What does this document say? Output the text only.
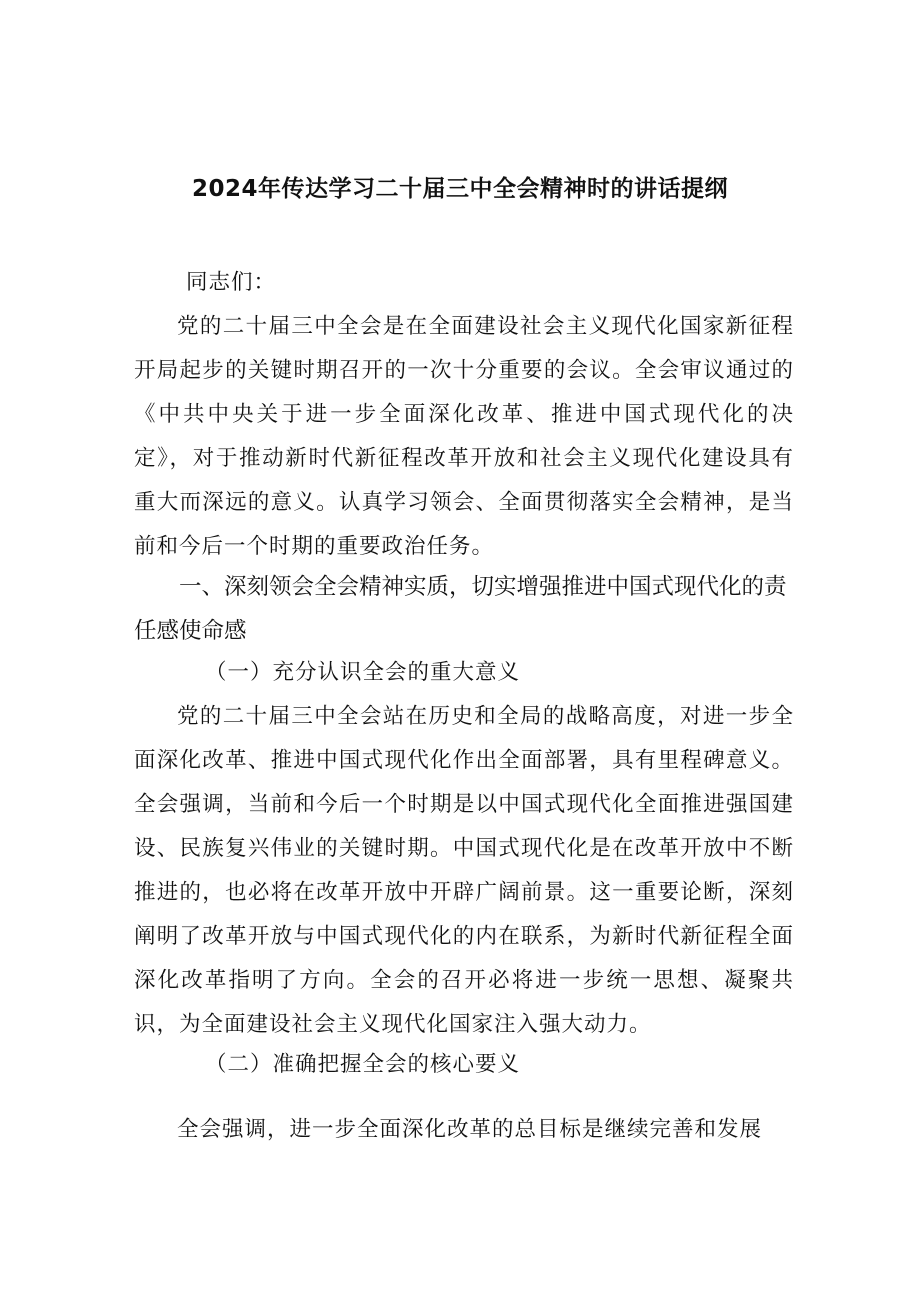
2024年传达学习二十届三中全会精神时的讲话提纲
同志们：

党的二十届三中全会是在全面建设社会主义现代化国家新征程开局起步的关键时期召开的一次十分重要的会议。全会审议通过的《中共中央关于进一步全面深化改革、推进中国式现代化的决定》，对于推动新时代新征程改革开放和社会主义现代化建设具有重大而深远的意义。认真学习领会、全面贯彻落实全会精神，是当前和今后一个时期的重要政治任务。

一、深刻领会全会精神实质，切实增强推进中国式现代化的责任感使命感

（一）充分认识全会的重大意义

党的二十届三中全会站在历史和全局的战略高度，对进一步全面深化改革、推进中国式现代化作出全面部署，具有里程碑意义。全会强调，当前和今后一个时期是以中国式现代化全面推进强国建设、民族复兴伟业的关键时期。中国式现代化是在改革开放中不断推进的，也必将在改革开放中开辟广阔前景。这一重要论断，深刻阐明了改革开放与中国式现代化的内在联系，为新时代新征程全面深化改革指明了方向。全会的召开必将进一步统一思想、凝聚共识，为全面建设社会主义现代化国家注入强大动力。

（二）准确把握全会的核心要义

全会强调，进一步全面深化改革的总目标是继续完善和发展
